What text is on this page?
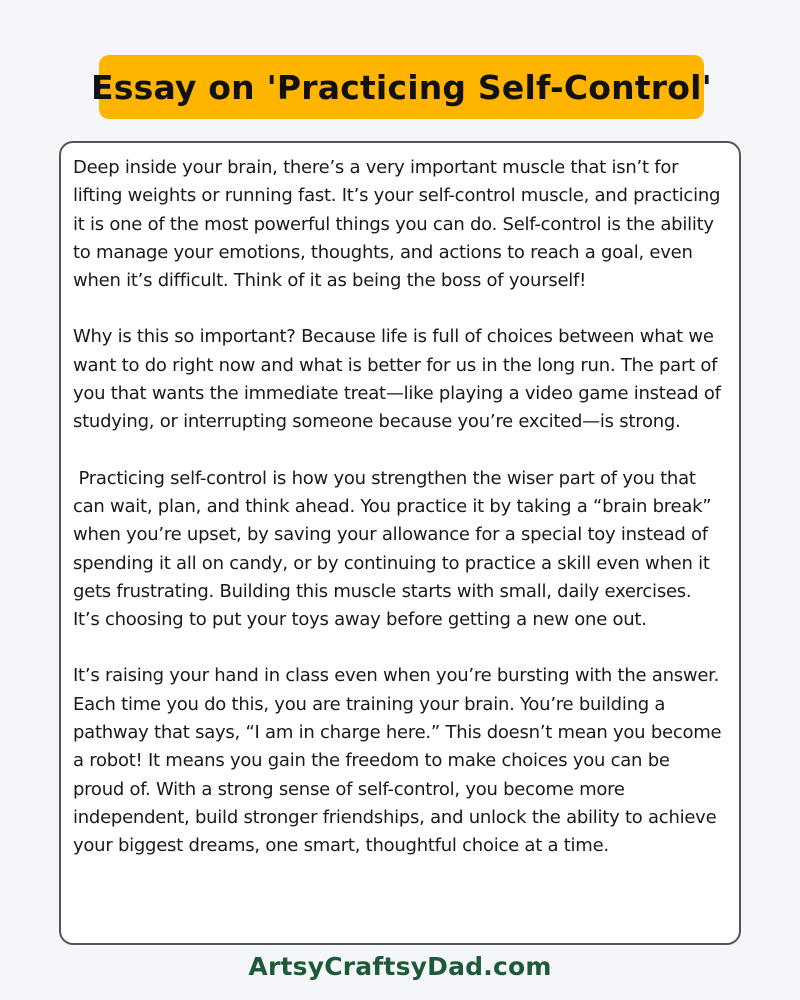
Essay on 'Practicing Self-Control'

Deep inside your brain, there’s a very important muscle that isn’t for lifting weights or running fast. It’s your self-control muscle, and practicing it is one of the most powerful things you can do. Self-control is the ability to manage your emotions, thoughts, and actions to reach a goal, even when it’s difficult. Think of it as being the boss of yourself!

Why is this so important? Because life is full of choices between what we want to do right now and what is better for us in the long run. The part of you that wants the immediate treat—like playing a video game instead of studying, or interrupting someone because you’re excited—is strong.

Practicing self-control is how you strengthen the wiser part of you that can wait, plan, and think ahead. You practice it by taking a “brain break” when you’re upset, by saving your allowance for a special toy instead of spending it all on candy, or by continuing to practice a skill even when it gets frustrating. Building this muscle starts with small, daily exercises. It’s choosing to put your toys away before getting a new one out.

It’s raising your hand in class even when you’re bursting with the answer. Each time you do this, you are training your brain. You’re building a pathway that says, “I am in charge here.” This doesn’t mean you become a robot! It means you gain the freedom to make choices you can be proud of. With a strong sense of self-control, you become more independent, build stronger friendships, and unlock the ability to achieve your biggest dreams, one smart, thoughtful choice at a time.

ArtsyCraftsyDad.com
